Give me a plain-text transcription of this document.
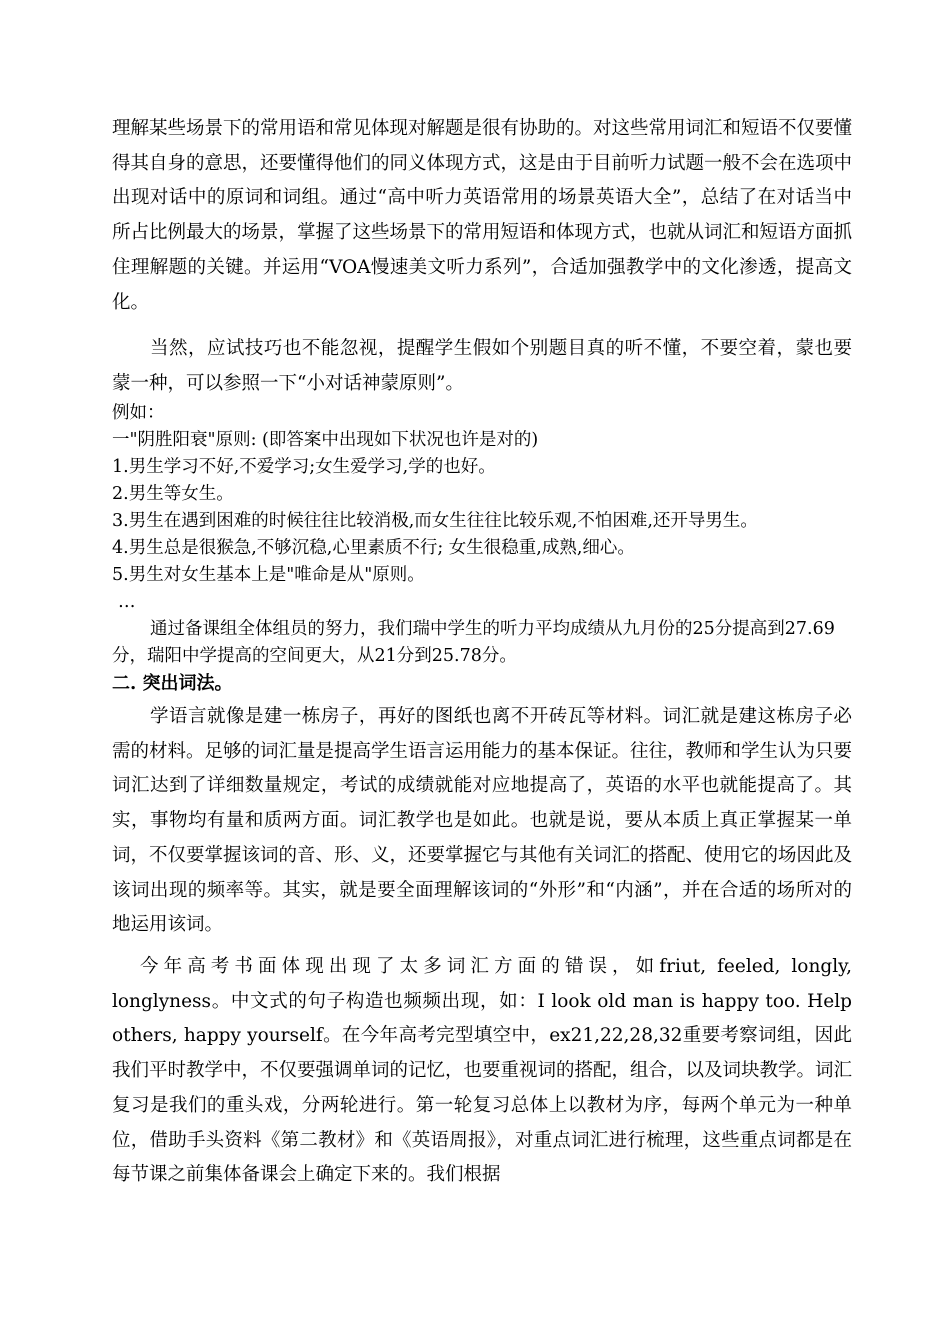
理解某些场景下的常用语和常见体现对解题是很有协助的。对这些常用词汇和短语不仅要懂得其自身的意思，还要懂得他们的同义体现方式，这是由于目前听力试题一般不会在选项中出现对话中的原词和词组。通过“高中听力英语常用的场景英语大全”，总结了在对话当中所占比例最大的场景，掌握了这些场景下的常用短语和体现方式，也就从词汇和短语方面抓住理解题的关键。并运用“VOA慢速美文听力系列”，合适加强教学中的文化渗透，提高文化。

当然，应试技巧也不能忽视，提醒学生假如个别题目真的听不懂，不要空着，蒙也要蒙一种，可以参照一下“小对话神蒙原则”。

例如：

一"阴胜阳衰"原则: (即答案中出现如下状况也许是对的)

1.男生学习不好,不爱学习;女生爱学习,学的也好。

2.男生等女生。

3.男生在遇到困难的时候往往比较消极,而女生往往比较乐观,不怕困难,还开导男生。

4.男生总是很猴急,不够沉稳,心里素质不行; 女生很稳重,成熟,细心。

5.男生对女生基本上是"唯命是从"原则。

…

通过备课组全体组员的努力，我们瑞中学生的听力平均成绩从九月份的25分提高到27.69分，瑞阳中学提高的空间更大，从21分到25.78分。

二. 突出词法。

学语言就像是建一栋房子，再好的图纸也离不开砖瓦等材料。词汇就是建这栋房子必需的材料。足够的词汇量是提高学生语言运用能力的基本保证。往往，教师和学生认为只要词汇达到了详细数量规定，考试的成绩就能对应地提高了，英语的水平也就能提高了。其实，事物均有量和质两方面。词汇教学也是如此。也就是说，要从本质上真正掌握某一单词，不仅要掌握该词的音、形、义，还要掌握它与其他有关词汇的搭配、使用它的场因此及该词出现的频率等。其实，就是要全面理解该词的“外形”和“内涵”，并在合适的场所对的地运用该词。

今年高考书面体现出现了太多词汇方面的错误，如friut, feeled, longly, longlyness。中文式的句子构造也频频出现，如：I look old man is happy too. Help others, happy yourself。在今年高考完型填空中，ex21,22,28,32重要考察词组，因此我们平时教学中，不仅要强调单词的记忆，也要重视词的搭配，组合，以及词块教学。词汇复习是我们的重头戏，分两轮进行。第一轮复习总体上以教材为序，每两个单元为一种单位，借助手头资料《第二教材》和《英语周报》，对重点词汇进行梳理，这些重点词都是在每节课之前集体备课会上确定下来的。我们根据
